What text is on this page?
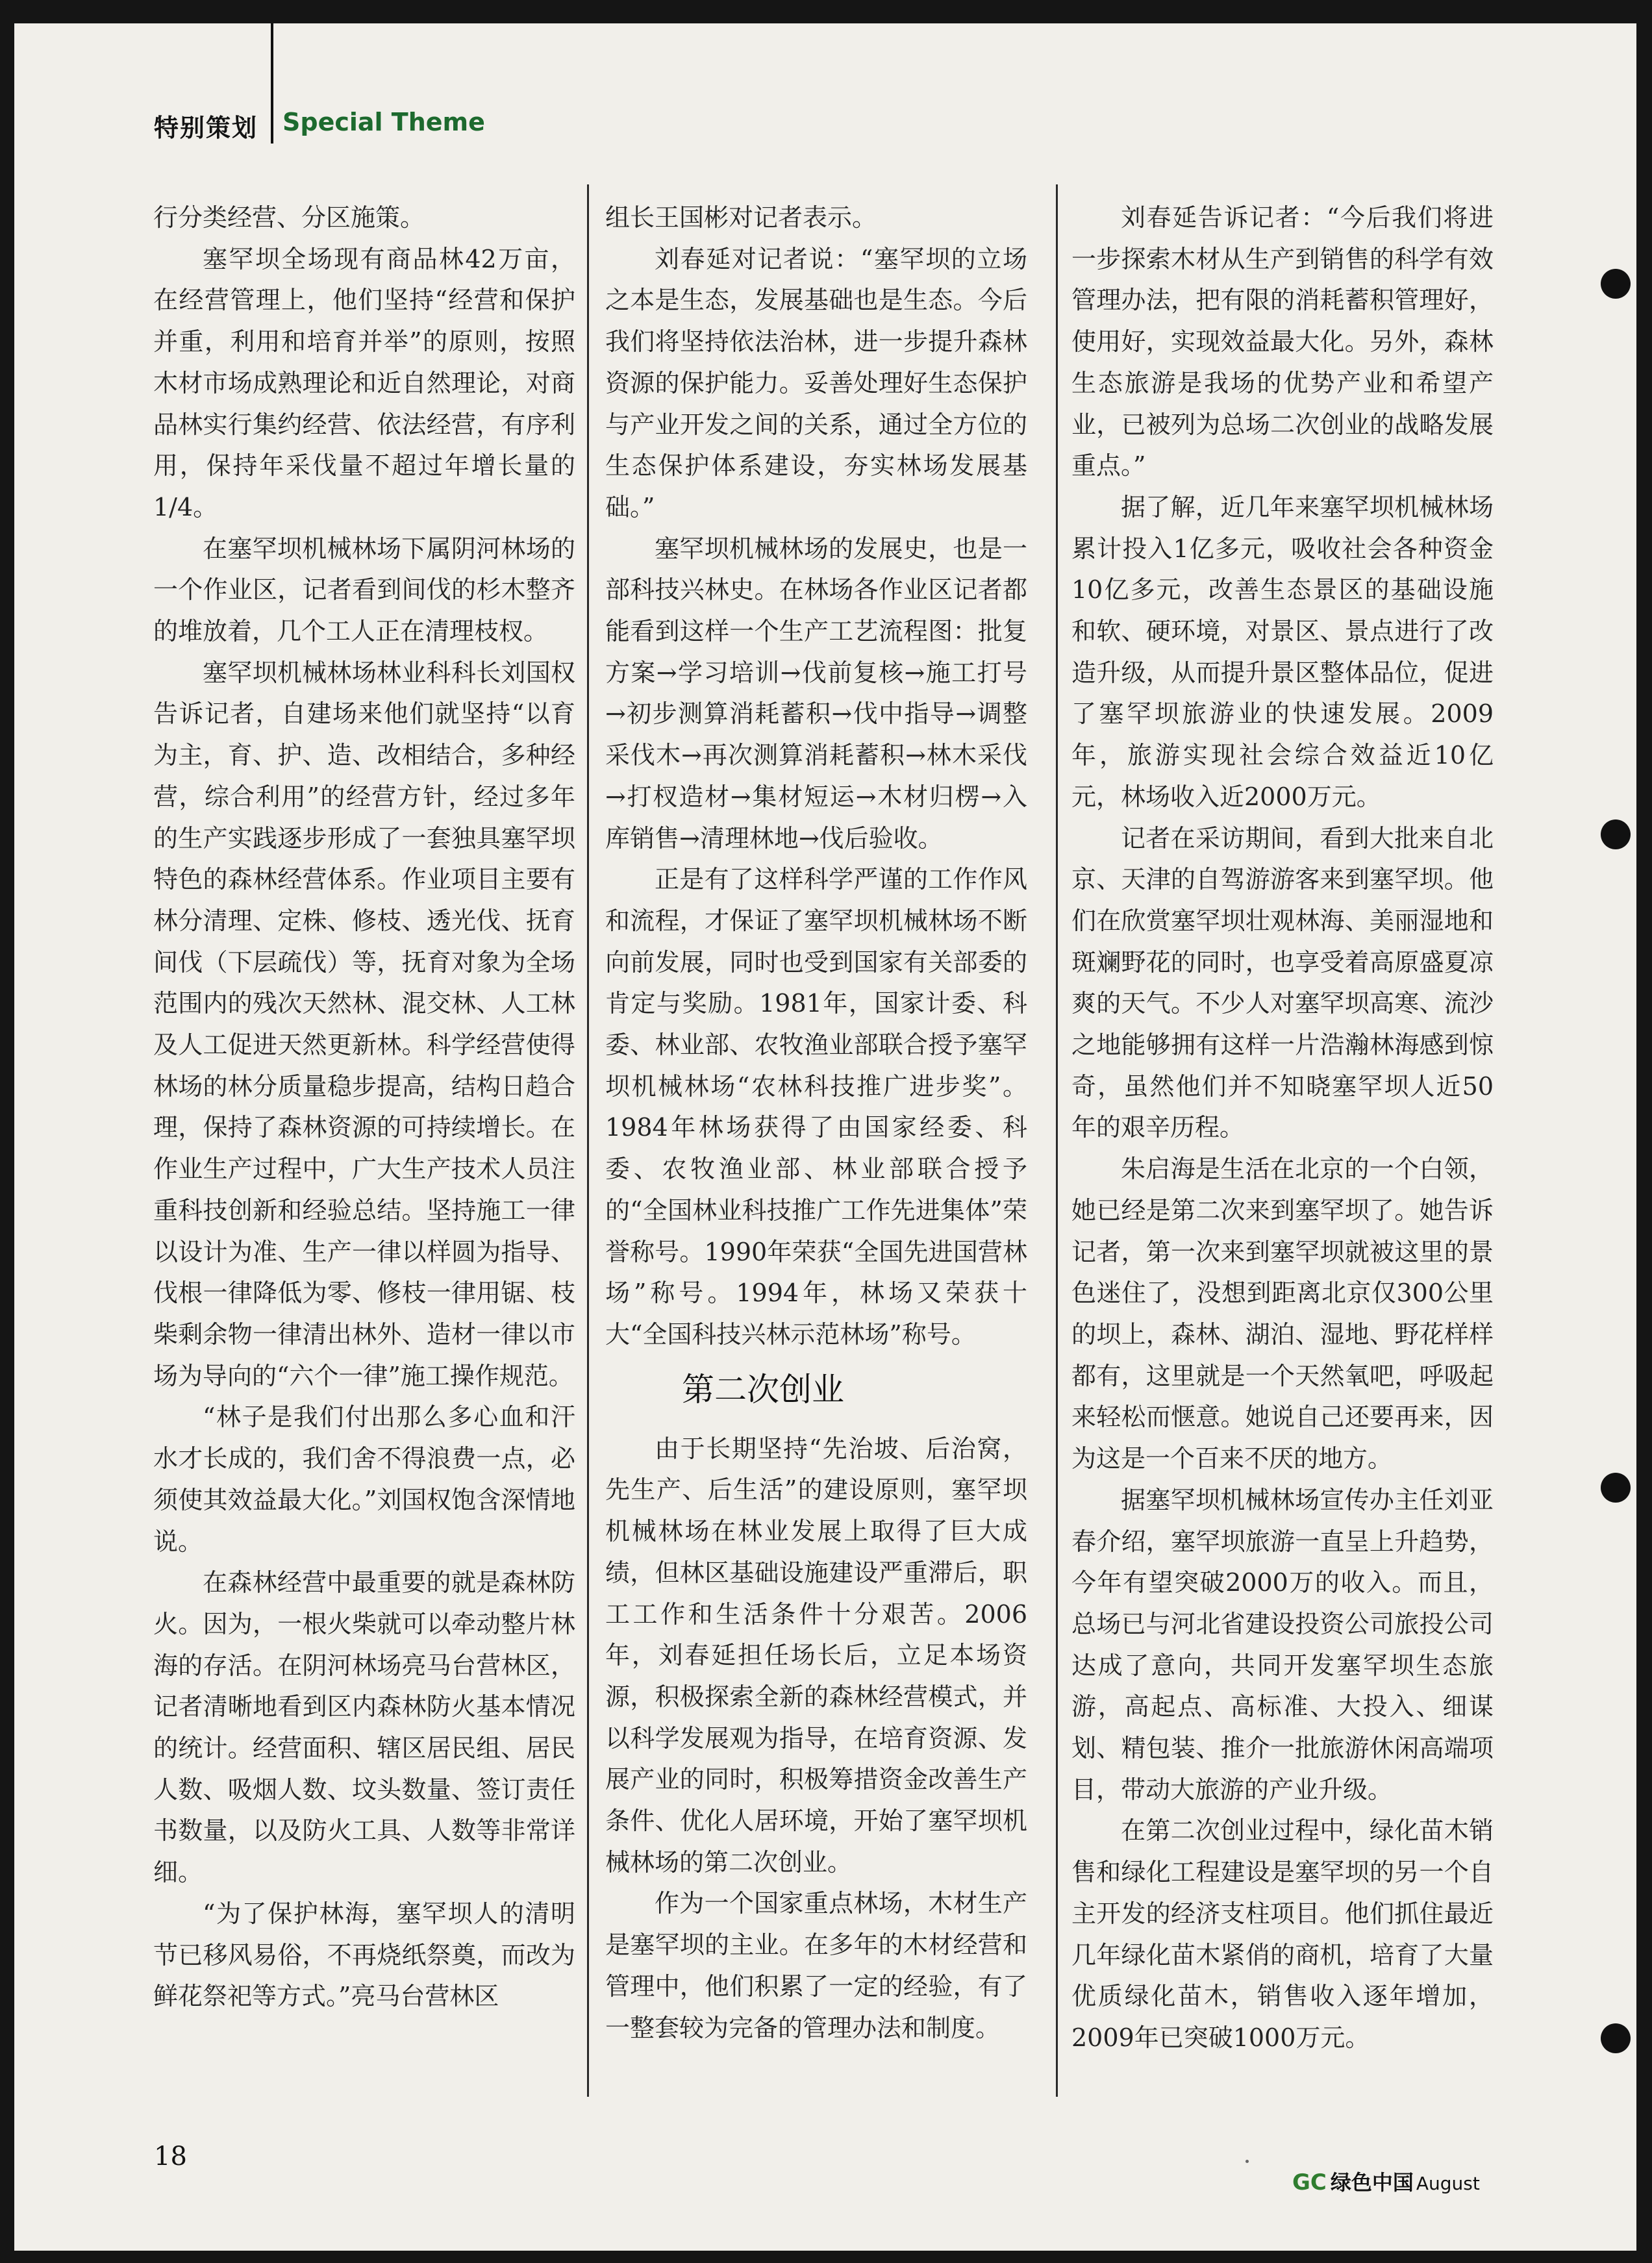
特别策划 Special Theme

行分类经营、分区施策。

塞罕坝全场现有商品林42万亩，在经营管理上，他们坚持“经营和保护并重，利用和培育并举”的原则，按照木材市场成熟理论和近自然理论，对商品林实行集约经营、依法经营，有序利用，保持年采伐量不超过年增长量的1/4。

在塞罕坝机械林场下属阴河林场的一个作业区，记者看到间伐的杉木整齐的堆放着，几个工人正在清理枝杈。

塞罕坝机械林场林业科科长刘国权告诉记者，自建场来他们就坚持“以育为主，育、护、造、改相结合，多种经营，综合利用”的经营方针，经过多年的生产实践逐步形成了一套独具塞罕坝特色的森林经营体系。作业项目主要有林分清理、定株、修枝、透光伐、抚育间伐（下层疏伐）等，抚育对象为全场范围内的残次天然林、混交林、人工林及人工促进天然更新林。科学经营使得林场的林分质量稳步提高，结构日趋合理，保持了森林资源的可持续增长。在作业生产过程中，广大生产技术人员注重科技创新和经验总结。坚持施工一律以设计为准、生产一律以样圆为指导、伐根一律降低为零、修枝一律用锯、枝柴剩余物一律清出林外、造材一律以市场为导向的“六个一律”施工操作规范。

“林子是我们付出那么多心血和汗水才长成的，我们舍不得浪费一点，必须使其效益最大化。”刘国权饱含深情地说。

在森林经营中最重要的就是森林防火。因为，一根火柴就可以牵动整片林海的存活。在阴河林场亮马台营林区，记者清晰地看到区内森林防火基本情况的统计。经营面积、辖区居民组、居民人数、吸烟人数、坟头数量、签订责任书数量，以及防火工具、人数等非常详细。

“为了保护林海，塞罕坝人的清明节已移风易俗，不再烧纸祭奠，而改为鲜花祭祀等方式。”亮马台营林区

组长王国彬对记者表示。

刘春延对记者说：“塞罕坝的立场之本是生态，发展基础也是生态。今后我们将坚持依法治林，进一步提升森林资源的保护能力。妥善处理好生态保护与产业开发之间的关系，通过全方位的生态保护体系建设，夯实林场发展基础。”

塞罕坝机械林场的发展史，也是一部科技兴林史。在林场各作业区记者都能看到这样一个生产工艺流程图：批复方案→学习培训→伐前复核→施工打号→初步测算消耗蓄积→伐中指导→调整采伐木→再次测算消耗蓄积→林木采伐→打杈造材→集材短运→木材归楞→入库销售→清理林地→伐后验收。

正是有了这样科学严谨的工作作风和流程，才保证了塞罕坝机械林场不断向前发展，同时也受到国家有关部委的肯定与奖励。1981年，国家计委、科委、林业部、农牧渔业部联合授予塞罕坝机械林场“农林科技推广进步奖”。1984年林场获得了由国家经委、科委、农牧渔业部、林业部联合授予的“全国林业科技推广工作先进集体”荣誉称号。1990年荣获“全国先进国营林场”称号。1994年，林场又荣获十大“全国科技兴林示范林场”称号。

第二次创业

由于长期坚持“先治坡、后治窝，先生产、后生活”的建设原则，塞罕坝机械林场在林业发展上取得了巨大成绩，但林区基础设施建设严重滞后，职工工作和生活条件十分艰苦。2006年，刘春延担任场长后，立足本场资源，积极探索全新的森林经营模式，并以科学发展观为指导，在培育资源、发展产业的同时，积极筹措资金改善生产条件、优化人居环境，开始了塞罕坝机械林场的第二次创业。

作为一个国家重点林场，木材生产是塞罕坝的主业。在多年的木材经营和管理中，他们积累了一定的经验，有了一整套较为完备的管理办法和制度。

刘春延告诉记者：“今后我们将进一步探索木材从生产到销售的科学有效管理办法，把有限的消耗蓄积管理好，使用好，实现效益最大化。另外，森林生态旅游是我场的优势产业和希望产业，已被列为总场二次创业的战略发展重点。”

据了解，近几年来塞罕坝机械林场累计投入1亿多元，吸收社会各种资金10亿多元，改善生态景区的基础设施和软、硬环境，对景区、景点进行了改造升级，从而提升景区整体品位，促进了塞罕坝旅游业的快速发展。2009年，旅游实现社会综合效益近10亿元，林场收入近2000万元。

记者在采访期间，看到大批来自北京、天津的自驾游游客来到塞罕坝。他们在欣赏塞罕坝壮观林海、美丽湿地和斑斓野花的同时，也享受着高原盛夏凉爽的天气。不少人对塞罕坝高寒、流沙之地能够拥有这样一片浩瀚林海感到惊奇，虽然他们并不知晓塞罕坝人近50年的艰辛历程。

朱启海是生活在北京的一个白领，她已经是第二次来到塞罕坝了。她告诉记者，第一次来到塞罕坝就被这里的景色迷住了，没想到距离北京仅300公里的坝上，森林、湖泊、湿地、野花样样都有，这里就是一个天然氧吧，呼吸起来轻松而惬意。她说自己还要再来，因为这是一个百来不厌的地方。

据塞罕坝机械林场宣传办主任刘亚春介绍，塞罕坝旅游一直呈上升趋势，今年有望突破2000万的收入。而且，总场已与河北省建设投资公司旅投公司达成了意向，共同开发塞罕坝生态旅游，高起点、高标准、大投入、细谋划、精包装、推介一批旅游休闲高端项目，带动大旅游的产业升级。

在第二次创业过程中，绿化苗木销售和绿化工程建设是塞罕坝的另一个自主开发的经济支柱项目。他们抓住最近几年绿化苗木紧俏的商机，培育了大量优质绿化苗木，销售收入逐年增加，2009年已突破1000万元。

18
GC 绿色中国 August
